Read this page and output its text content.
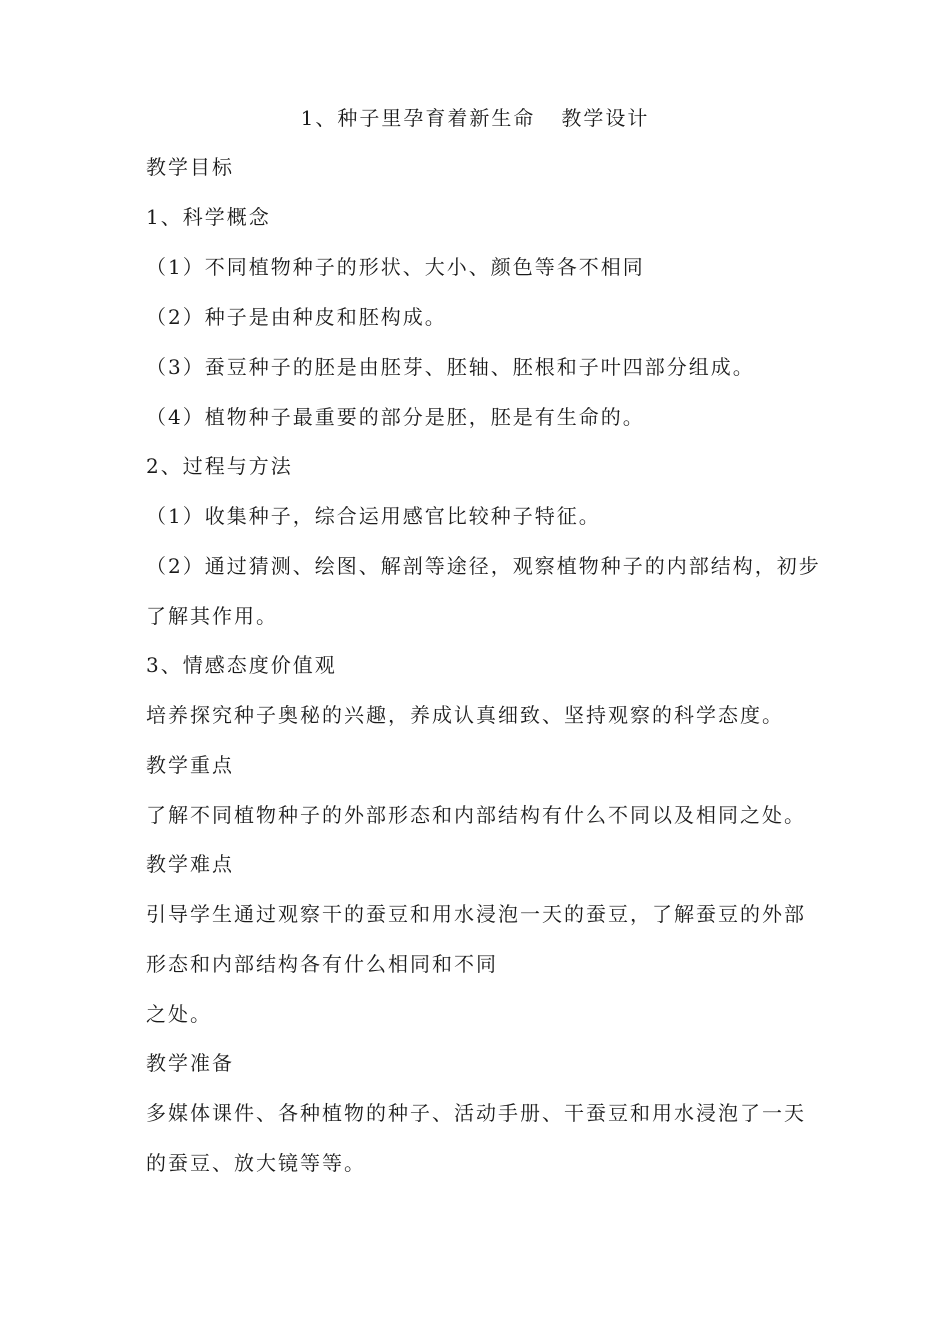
1、种子里孕育着新生命 教学设计
教学目标
1、科学概念
（1）不同植物种子的形状、大小、颜色等各不相同
（2）种子是由种皮和胚构成。
（3）蚕豆种子的胚是由胚芽、胚轴、胚根和子叶四部分组成。
（4）植物种子最重要的部分是胚，胚是有生命的。
2、过程与方法
（1）收集种子，综合运用感官比较种子特征。
（2）通过猜测、绘图、解剖等途径，观察植物种子的内部结构，初步
了解其作用。
3、情感态度价值观
培养探究种子奥秘的兴趣，养成认真细致、坚持观察的科学态度。
教学重点
了解不同植物种子的外部形态和内部结构有什么不同以及相同之处。
教学难点
引导学生通过观察干的蚕豆和用水浸泡一天的蚕豆，了解蚕豆的外部
形态和内部结构各有什么相同和不同
之处。
教学准备
多媒体课件、各种植物的种子、活动手册、干蚕豆和用水浸泡了一天
的蚕豆、放大镜等等。
